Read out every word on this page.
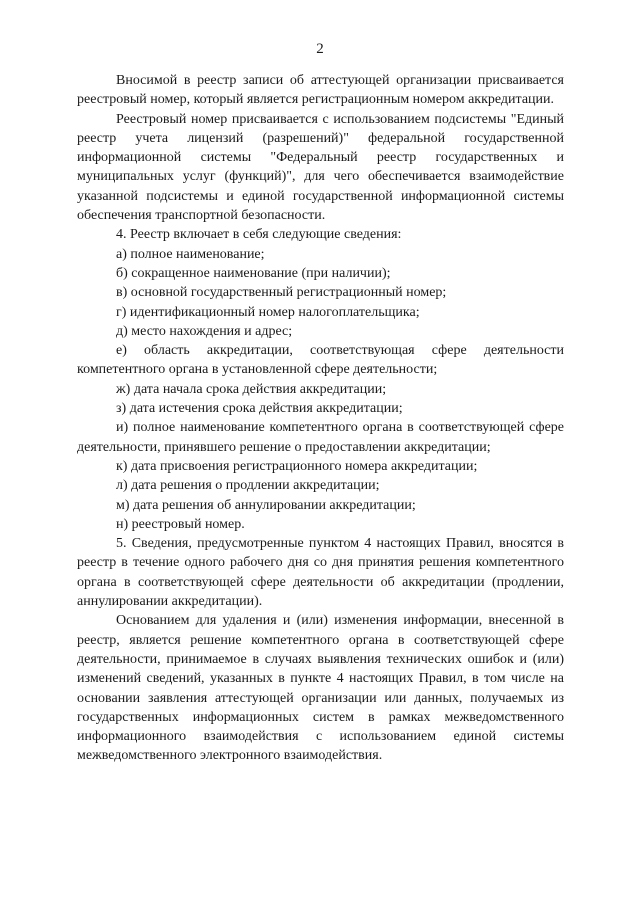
2

Вносимой в реестр записи об аттестующей организации присваивается реестровый номер, который является регистрационным номером аккредитации.

Реестровый номер присваивается с использованием подсистемы "Единый реестр учета лицензий (разрешений)" федеральной государственной информационной системы "Федеральный реестр государственных и муниципальных услуг (функций)", для чего обеспечивается взаимодействие указанной подсистемы и единой государственной информационной системы обеспечения транспортной безопасности.

4. Реестр включает в себя следующие сведения:

а) полное наименование;

б) сокращенное наименование (при наличии);

в) основной государственный регистрационный номер;

г) идентификационный номер налогоплательщика;

д) место нахождения и адрес;

е) область аккредитации, соответствующая сфере деятельности компетентного органа в установленной сфере деятельности;

ж) дата начала срока действия аккредитации;

з) дата истечения срока действия аккредитации;

и) полное наименование компетентного органа в соответствующей сфере деятельности, принявшего решение о предоставлении аккредитации;

к) дата присвоения регистрационного номера аккредитации;

л) дата решения о продлении аккредитации;

м) дата решения об аннулировании аккредитации;

н) реестровый номер.

5. Сведения, предусмотренные пунктом 4 настоящих Правил, вносятся в реестр в течение одного рабочего дня со дня принятия решения компетентного органа в соответствующей сфере деятельности об аккредитации (продлении, аннулировании аккредитации).

Основанием для удаления и (или) изменения информации, внесенной в реестр, является решение компетентного органа в соответствующей сфере деятельности, принимаемое в случаях выявления технических ошибок и (или) изменений сведений, указанных в пункте 4 настоящих Правил, в том числе на основании заявления аттестующей организации или данных, получаемых из государственных информационных систем в рамках межведомственного информационного взаимодействия с использованием единой системы межведомственного электронного взаимодействия.
